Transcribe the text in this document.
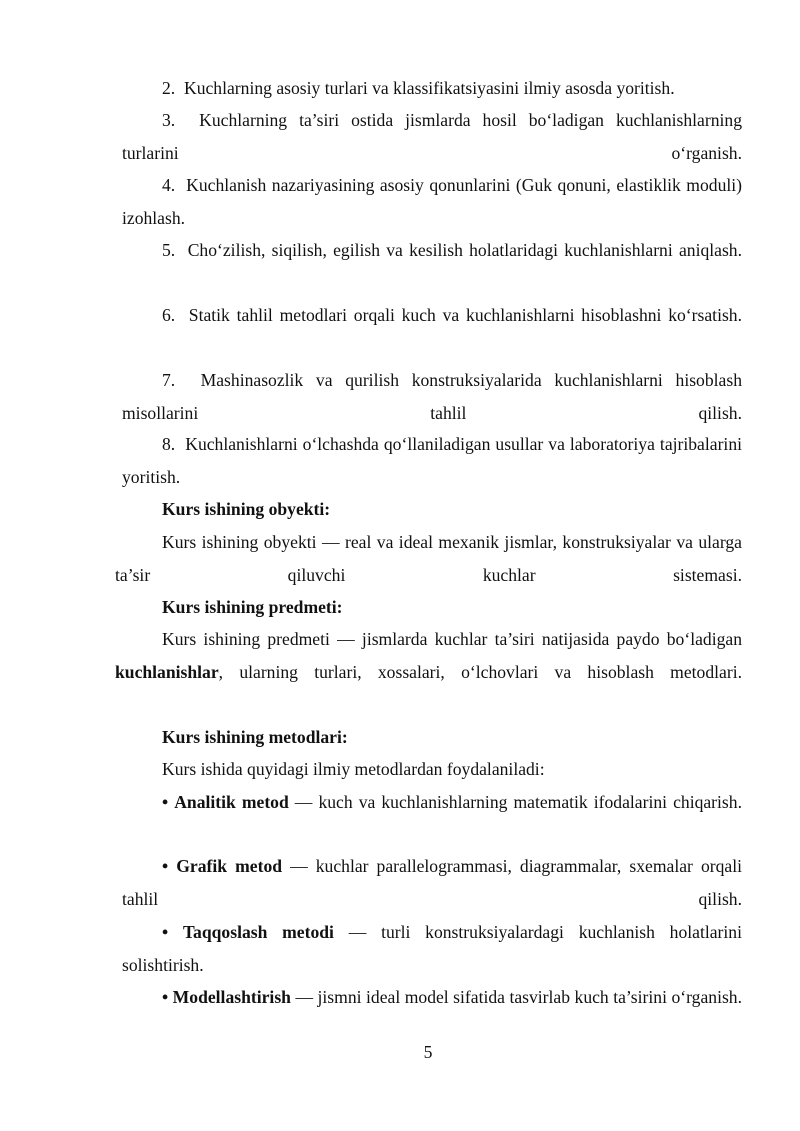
2. Kuchlarning asosiy turlari va klassifikatsiyasini ilmiy asosda yoritish.

3. Kuchlarning ta’siri ostida jismlarda hosil bo‘ladigan kuchlanishlarning turlarini o‘rganish.

4. Kuchlanish nazariyasining asosiy qonunlarini (Guk qonuni, elastiklik moduli) izohlash.

5. Cho‘zilish, siqilish, egilish va kesilish holatlaridagi kuchlanishlarni aniqlash.

6. Statik tahlil metodlari orqali kuch va kuchlanishlarni hisoblashni ko‘rsatish.

7. Mashinasozlik va qurilish konstruksiyalarida kuchlanishlarni hisoblash misollarini tahlil qilish.

8. Kuchlanishlarni o‘lchashda qo‘llaniladigan usullar va laboratoriya tajribalarini yoritish.

Kurs ishining obyekti:

Kurs ishining obyekti — real va ideal mexanik jismlar, konstruksiyalar va ularga ta’sir qiluvchi kuchlar sistemasi.

Kurs ishining predmeti:

Kurs ishining predmeti — jismlarda kuchlar ta’siri natijasida paydo bo‘ladigan kuchlanishlar, ularning turlari, xossalari, o‘lchovlari va hisoblash metodlari.

Kurs ishining metodlari:

Kurs ishida quyidagi ilmiy metodlardan foydalaniladi:

• Analitik metod — kuch va kuchlanishlarning matematik ifodalarini chiqarish.

• Grafik metod — kuchlar parallelogrammasi, diagrammalar, sxemalar orqali tahlil qilish.

• Taqqoslash metodi — turli konstruksiyalardagi kuchlanish holatlarini solishtirish.

• Modellashtirish — jismni ideal model sifatida tasvirlab kuch ta’sirini o‘rganish.

5
